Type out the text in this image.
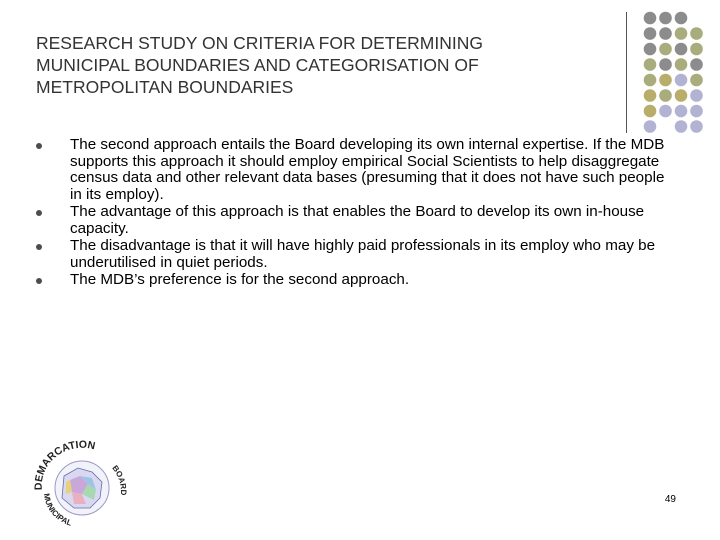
RESEARCH STUDY ON CRITERIA FOR DETERMINING
MUNICIPAL BOUNDARIES AND CATEGORISATION OF
METROPOLITAN BOUNDARIES
The second approach entails the Board developing its own internal expertise. If the MDB supports this approach it should employ empirical Social Scientists to help disaggregate census data and other relevant data bases (presuming that it does not have such people in its employ).
The advantage of this approach is that enables the Board to develop its own in-house capacity.
The disadvantage is that it will have highly paid professionals in its employ who may be underutilised in quiet periods.
The MDB’s preference is for the second approach.
DEMARCATION
BOARD
MUNICIPAL
49
